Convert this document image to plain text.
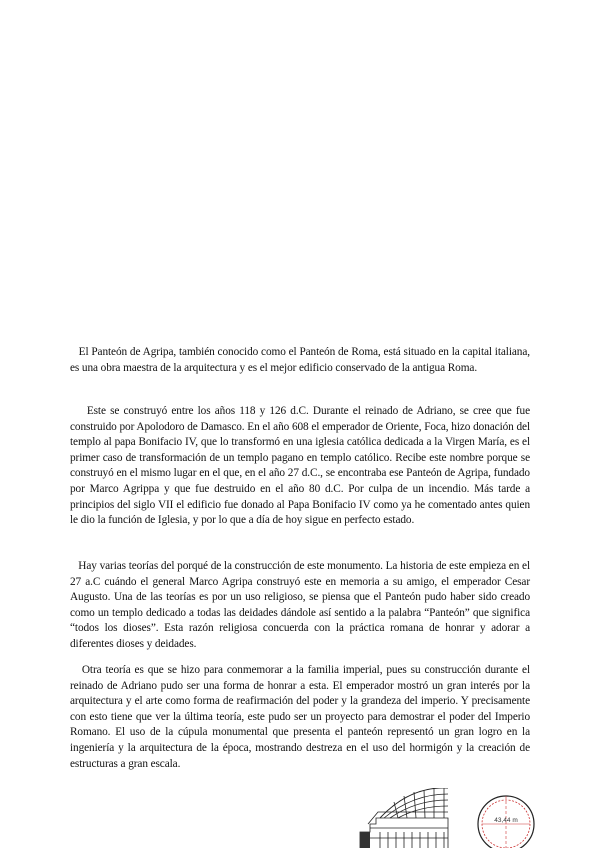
El Panteón de Agripa, también conocido como el Panteón de Roma, está situado en la capital italiana, es una obra maestra de la arquitectura y es el mejor edificio conservado de la antigua Roma.

Este se construyó entre los años 118 y 126 d.C. Durante el reinado de Adriano, se cree que fue construido por Apolodoro de Damasco. En el año 608 el emperador de Oriente, Foca, hizo donación del templo al papa Bonifacio IV, que lo transformó en una iglesia católica dedicada a la Virgen María, es el primer caso de transformación de un templo pagano en templo católico. Recibe este nombre porque se construyó en el mismo lugar en el que, en el año 27 d.C., se encontraba ese Panteón de Agripa, fundado por Marco Agrippa y que fue destruido en el año 80 d.C. Por culpa de un incendio. Más tarde a principios del siglo VII el edificio fue donado al Papa Bonifacio IV como ya he comentado antes quien le dio la función de Iglesia, y por lo que a día de hoy sigue en perfecto estado.

Hay varias teorías del porqué de la construcción de este monumento. La historia de este empieza en el 27 a.C cuándo el general Marco Agripa construyó este en memoria a su amigo, el emperador Cesar Augusto. Una de las teorías es por un uso religioso, se piensa que el Panteón pudo haber sido creado como un templo dedicado a todas las deidades dándole así sentido a la palabra “Panteón” que significa “todos los dioses”. Esta razón religiosa concuerda con la práctica romana de honrar y adorar a diferentes dioses y deidades.

Otra teoría es que se hizo para conmemorar a la familia imperial, pues su construcción durante el reinado de Adriano pudo ser una forma de honrar a esta. El emperador mostró un gran interés por la arquitectura y el arte como forma de reafirmación del poder y la grandeza del imperio. Y precisamente con esto tiene que ver la última teoría, este pudo ser un proyecto para demostrar el poder del Imperio Romano. El uso de la cúpula monumental que presenta el panteón representó un gran logro en la ingeniería y la arquitectura de la época, mostrando destreza en el uso del hormigón y la creación de estructuras a gran escala.

43,44 m
